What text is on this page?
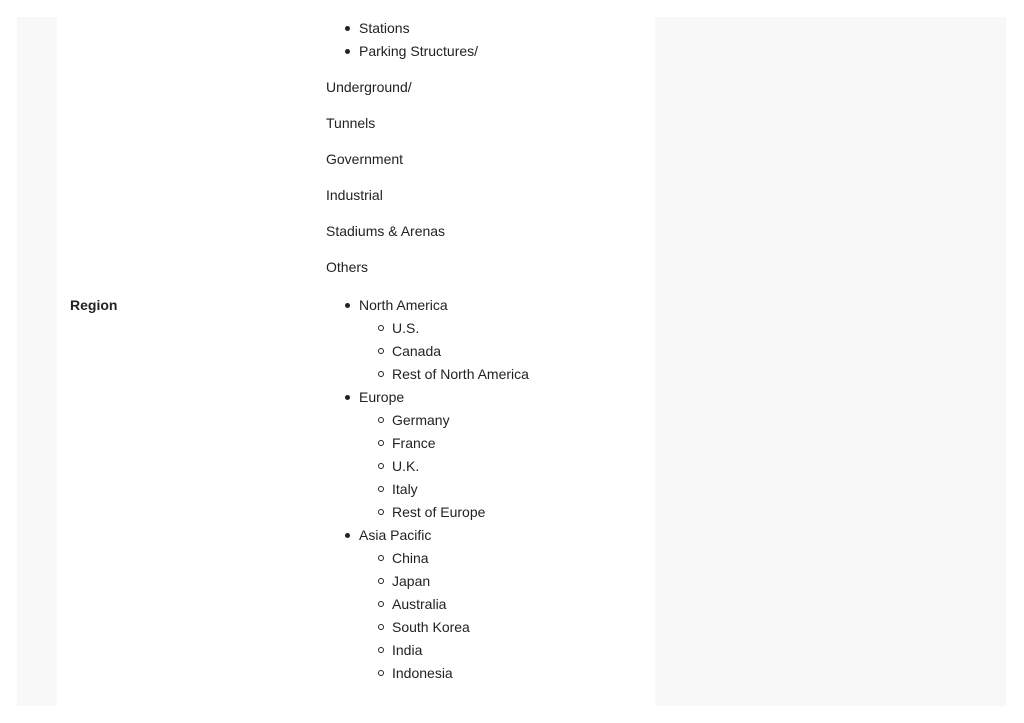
Stations
Parking Structures/

Underground/

Tunnels

Government

Industrial

Stadiums & Arenas

Others

Region	North America
U.S.
Canada
Rest of North America
Europe
Germany
France
U.K.
Italy
Rest of Europe
Asia Pacific
China
Japan
Australia
South Korea
India
Indonesia
